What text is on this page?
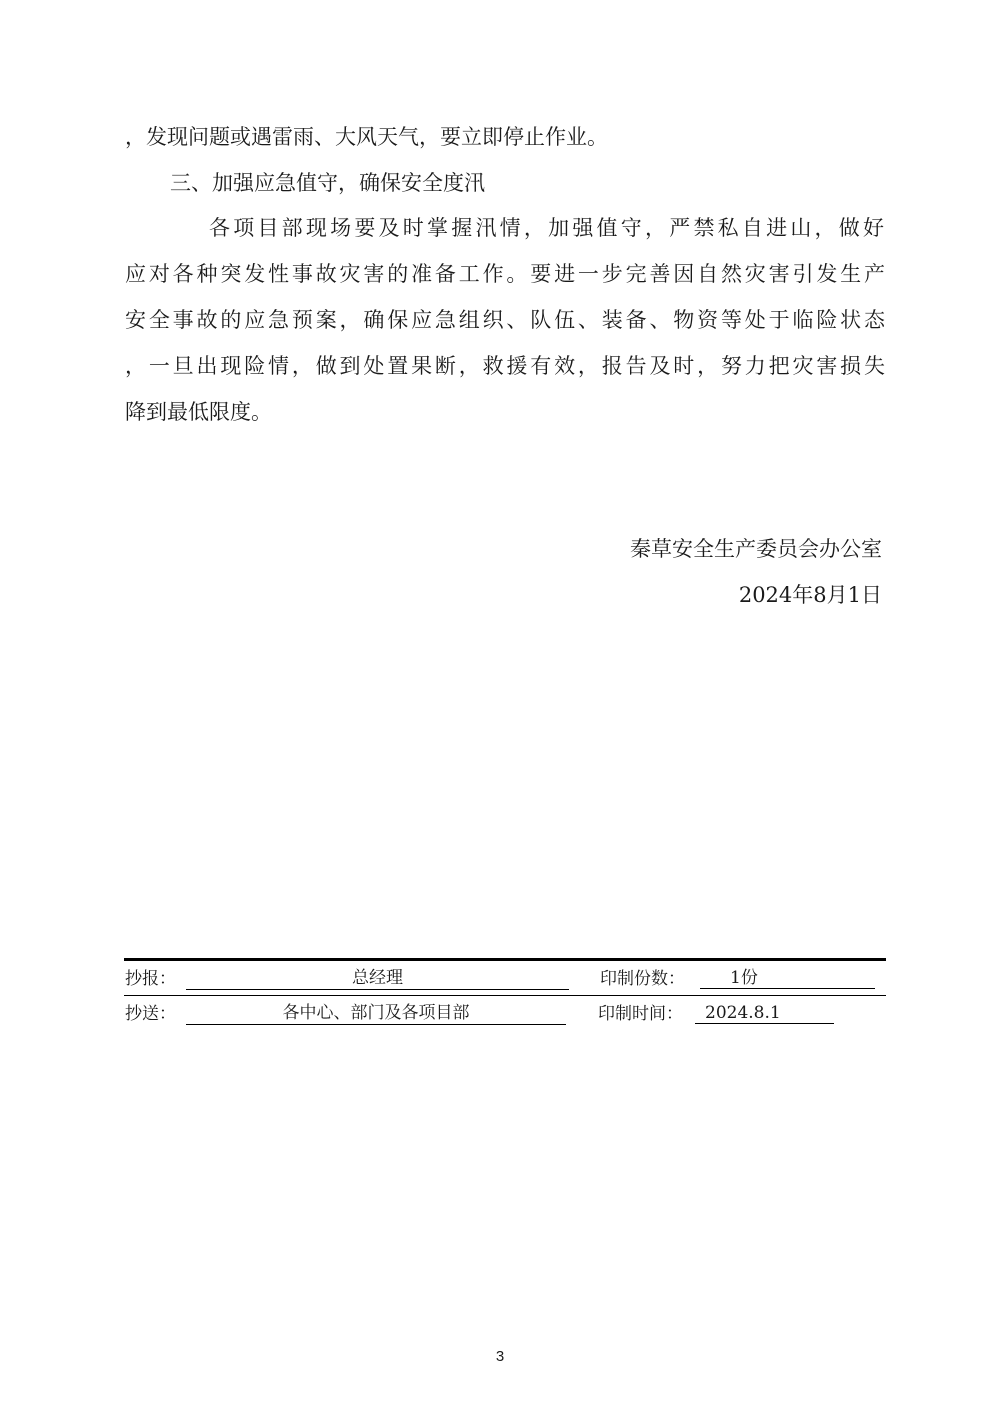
，发现问题或遇雷雨、大风天气，要立即停止作业。
三、加强应急值守，确保安全度汛
各项目部现场要及时掌握汛情，加强值守，严禁私自进山，做好
应对各种突发性事故灾害的准备工作。要进一步完善因自然灾害引发生产
安全事故的应急预案，确保应急组织、队伍、装备、物资等处于临险状态
，一旦出现险情，做到处置果断，救援有效，报告及时，努力把灾害损失
降到最低限度。
秦草安全生产委员会办公室
2024年8月1日
抄报：	总经理	印制份数：	1份
抄送：	各中心、部门及各项目部	印制时间：	2024.8.1
3
